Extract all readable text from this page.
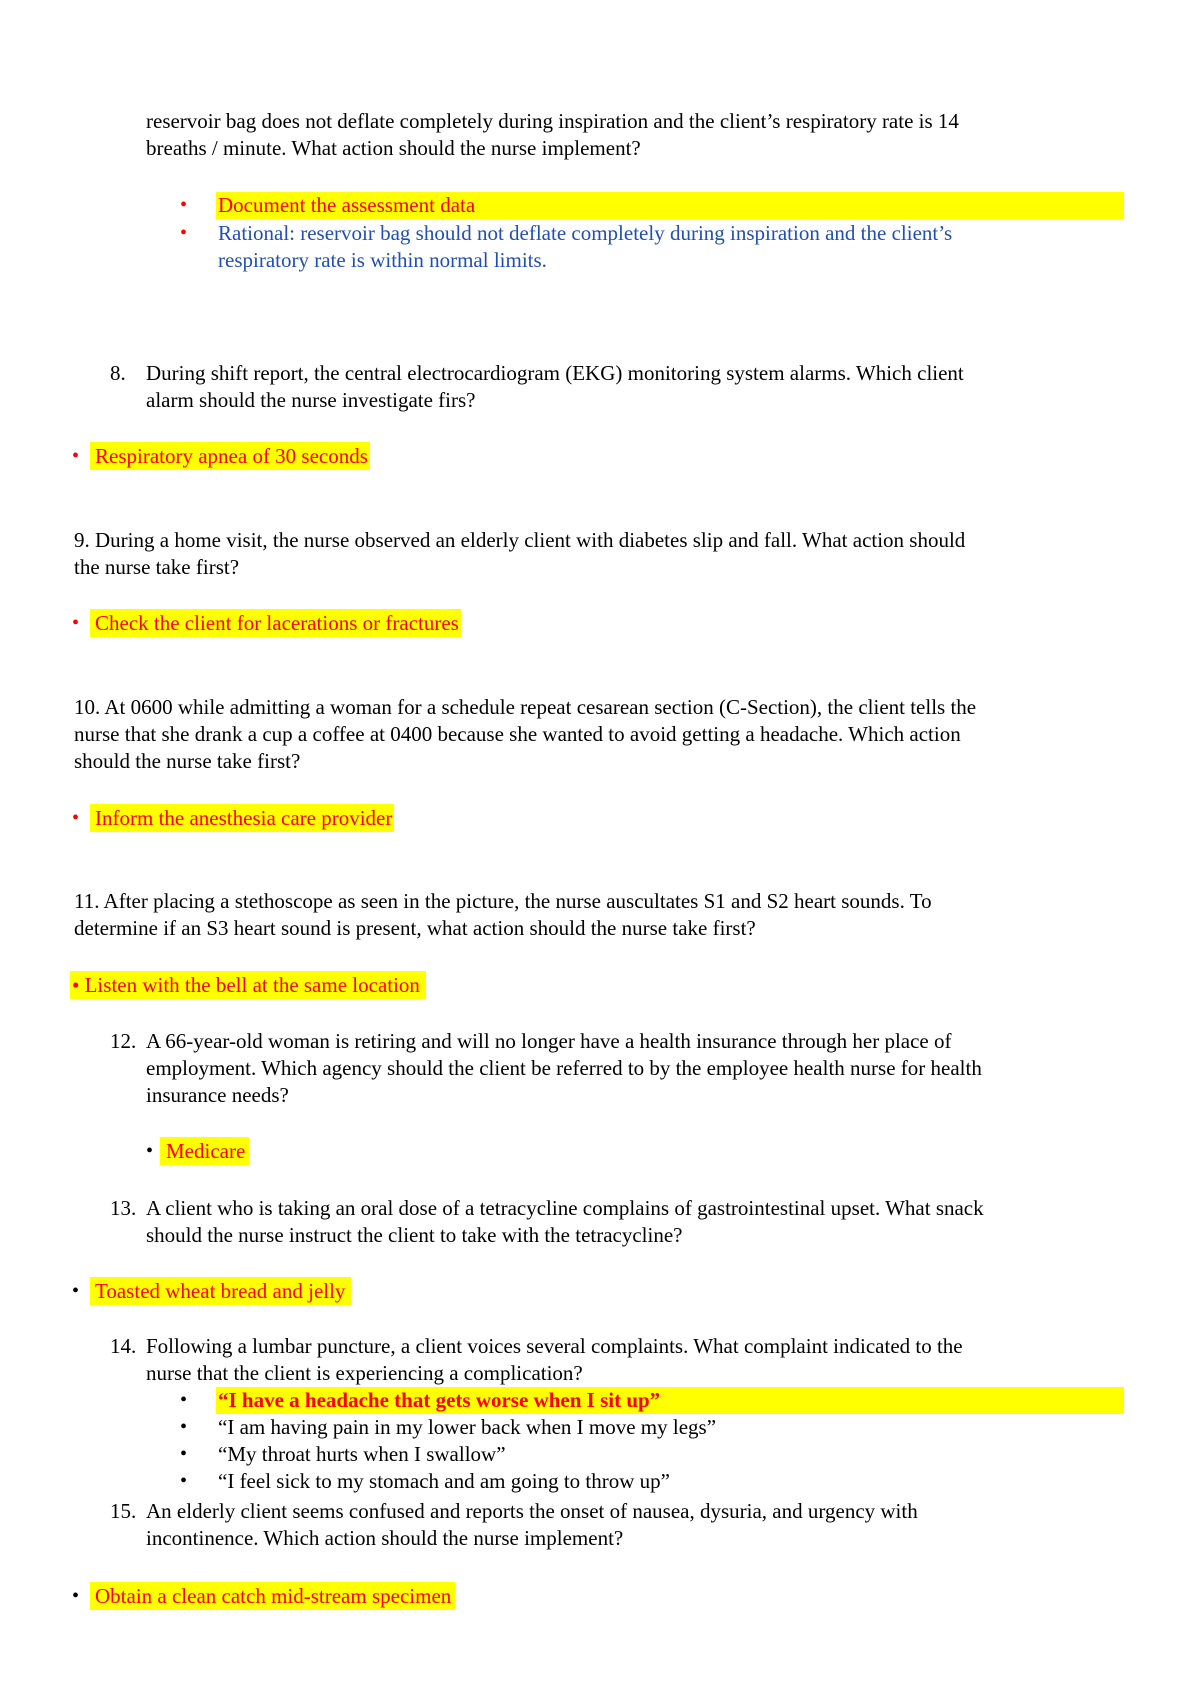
reservoir bag does not deflate completely during inspiration and the client’s respiratory rate is 14
breaths / minute. What action should the nurse implement?
• Document the assessment data
• Rational: reservoir bag should not deflate completely during inspiration and the client’s
respiratory rate is within normal limits.
8. During shift report, the central electrocardiogram (EKG) monitoring system alarms. Which client
alarm should the nurse investigate firs?
• Respiratory apnea of 30 seconds
9. During a home visit, the nurse observed an elderly client with diabetes slip and fall. What action should
the nurse take first?
• Check the client for lacerations or fractures
10. At 0600 while admitting a woman for a schedule repeat cesarean section (C-Section), the client tells the
nurse that she drank a cup a coffee at 0400 because she wanted to avoid getting a headache. Which action
should the nurse take first?
• Inform the anesthesia care provider
11. After placing a stethoscope as seen in the picture, the nurse auscultates S1 and S2 heart sounds. To
determine if an S3 heart sound is present, what action should the nurse take first?
• Listen with the bell at the same location
12. A 66-year-old woman is retiring and will no longer have a health insurance through her place of
employment. Which agency should the client be referred to by the employee health nurse for health
insurance needs?
• Medicare
13. A client who is taking an oral dose of a tetracycline complains of gastrointestinal upset. What snack
should the nurse instruct the client to take with the tetracycline?
• Toasted wheat bread and jelly
14. Following a lumbar puncture, a client voices several complaints. What complaint indicated to the
nurse that the client is experiencing a complication?
• “I have a headache that gets worse when I sit up”
• “I am having pain in my lower back when I move my legs”
• “My throat hurts when I swallow”
• “I feel sick to my stomach and am going to throw up”
15. An elderly client seems confused and reports the onset of nausea, dysuria, and urgency with
incontinence. Which action should the nurse implement?
• Obtain a clean catch mid-stream specimen
